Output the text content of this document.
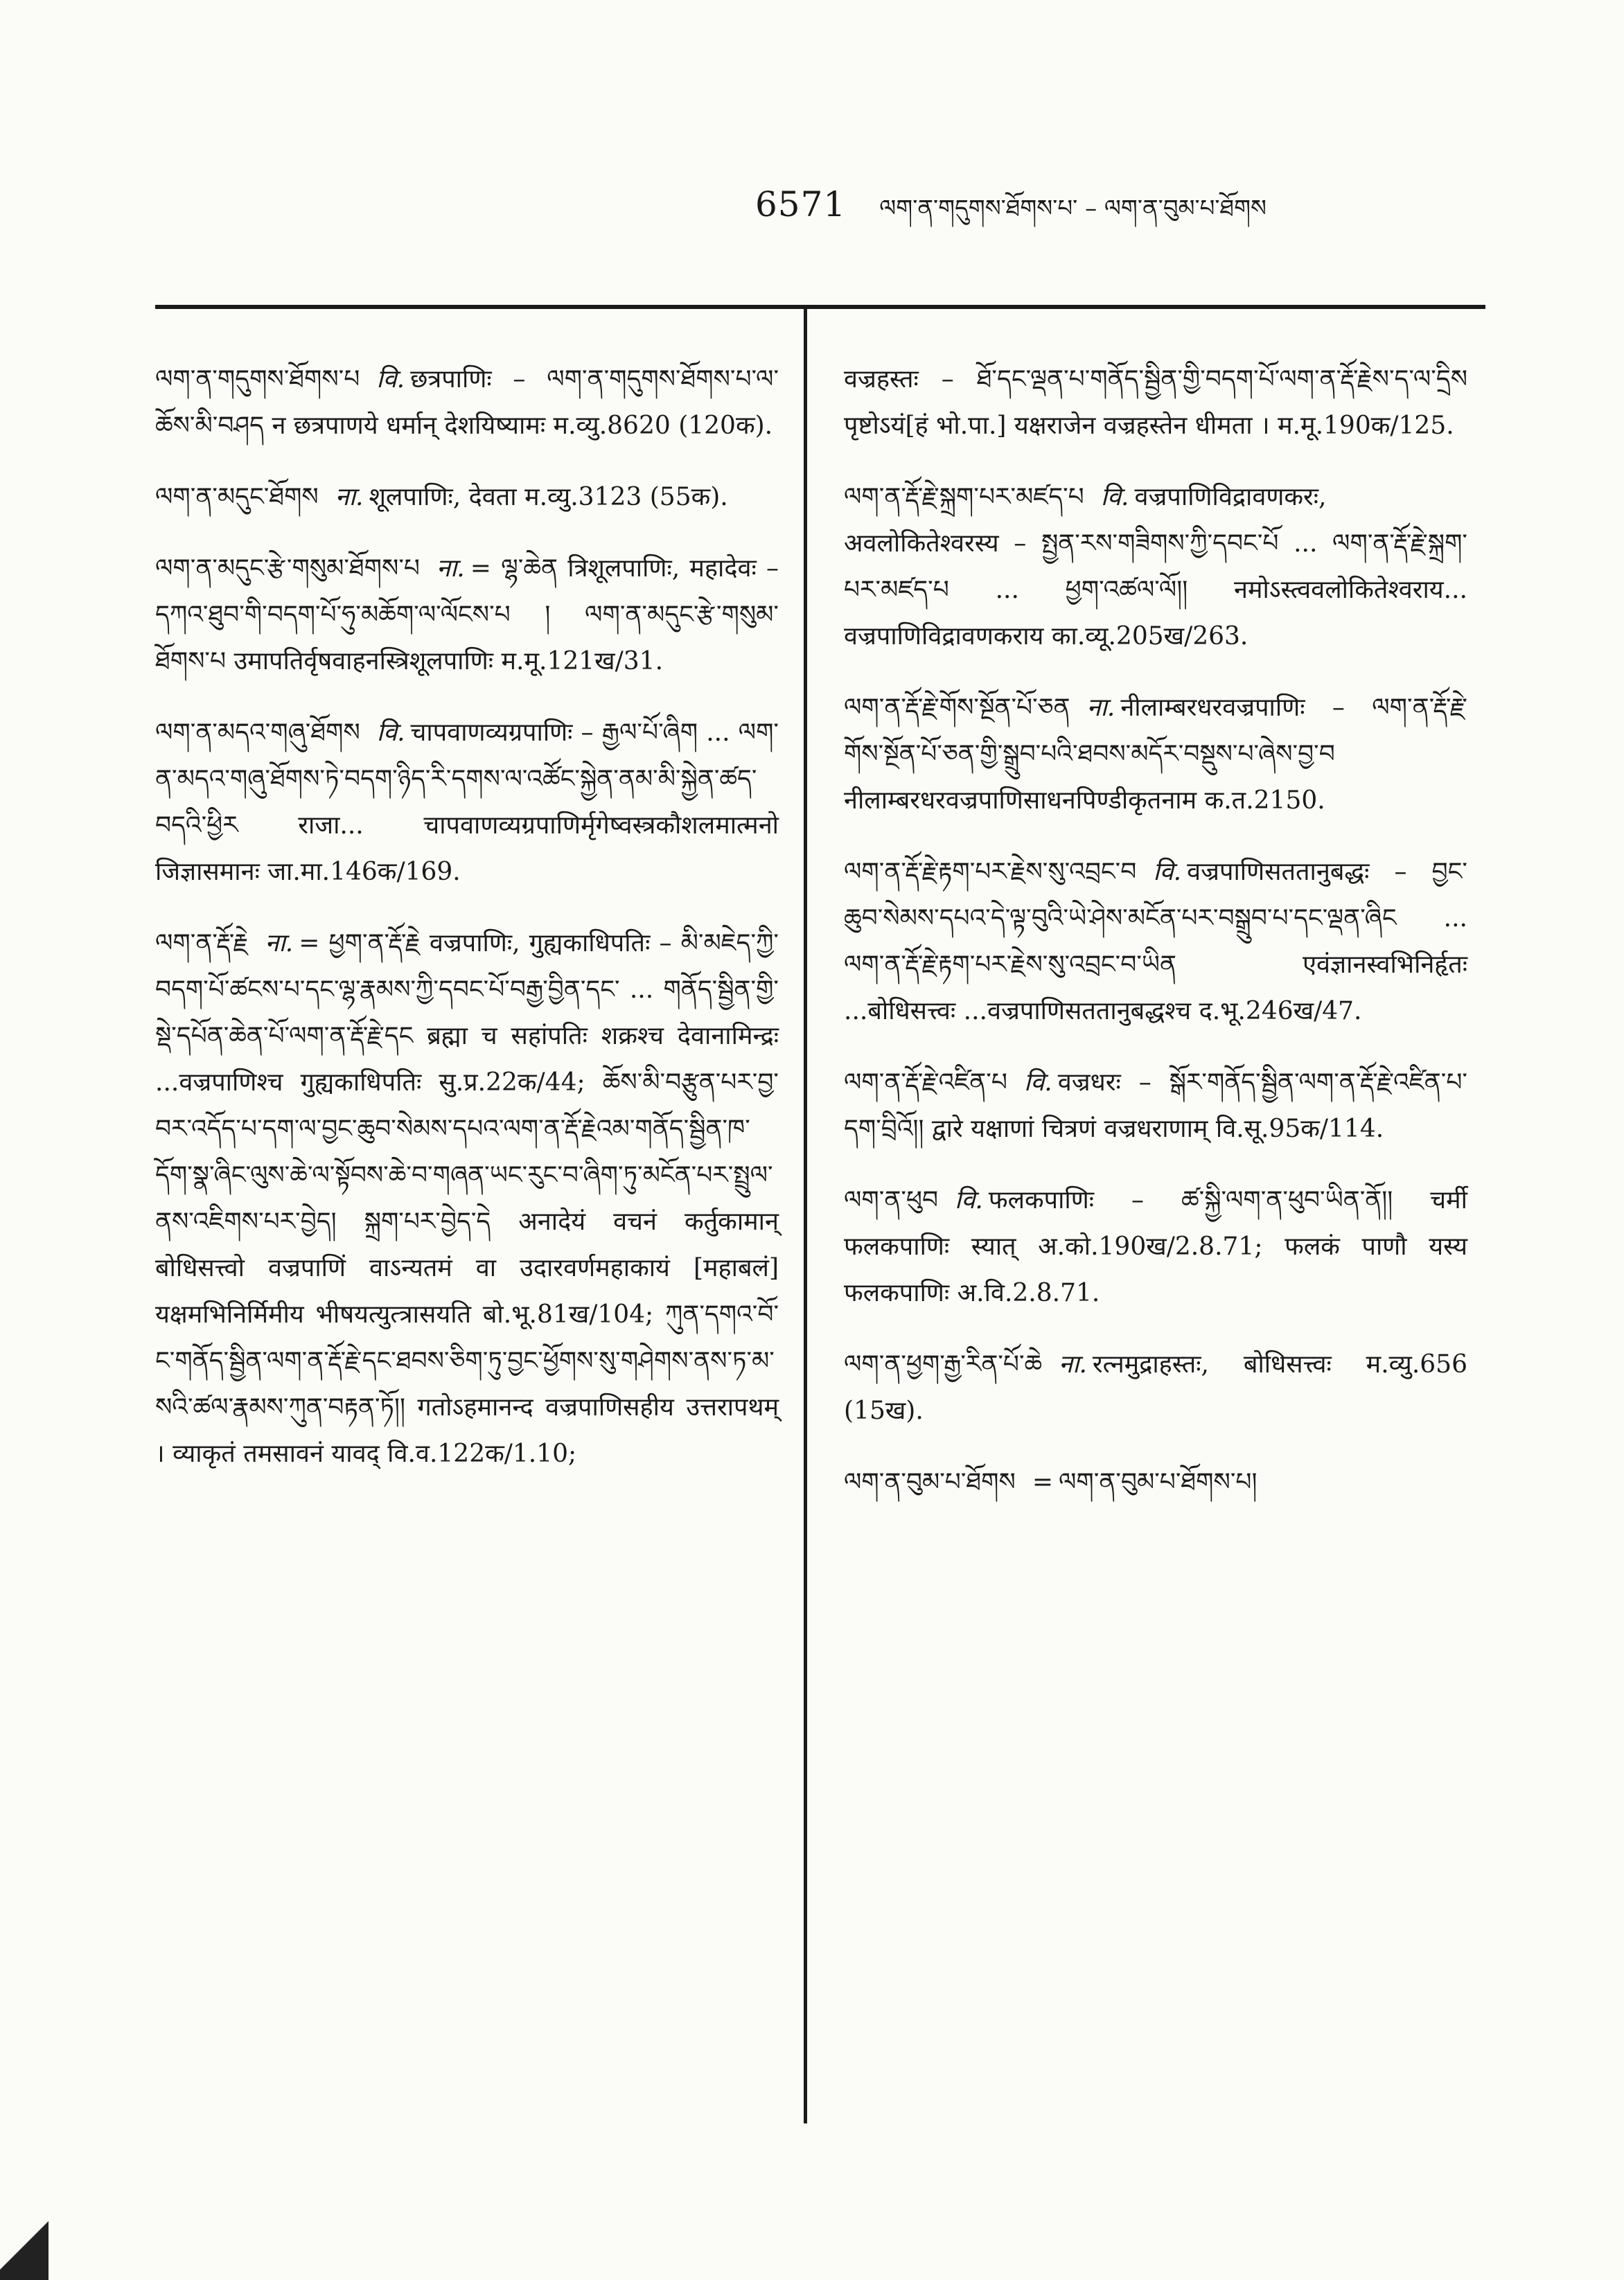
6571 ལག་ན་གདུགས་ཐོགས་པ་ – ལག་ན་བུམ་པ་ཐོགས

ལག་ན་གདུགས་ཐོགས་པ वि. छत्रपाणिः – ལག་ན་གདུགས་ཐོགས་པ་ལ་ཆོས་མི་བཤད न छत्रपाणये धर्मान् देशयिष्यामः म.व्यु.8620 (120क).

ལག་ན་མདུང་ཐོགས ना. शूलपाणिः, देवता म.व्यु.3123 (55क).

ལག་ན་མདུང་རྩེ་གསུམ་ཐོགས་པ ना. = ལྷ་ཆེན त्रिशूलपाणिः, महादेवः – དཀའ་ཐུབ་གི་བདག་པོ་ཧུ་མཆོག་ལ་ལོངས་པ ། ལག་ན་མདུང་རྩེ་གསུམ་ཐོགས་པ उमापतिर्वृषवाहनस्त्रिशूलपाणिः म.मू.121ख/31.

ལག་ན་མདའ་གཞུ་ཐོགས वि. चापवाणव्यग्रपाणिः – རྒྱལ་པོ་ཞིག ... ལག་ན་མདའ་གཞུ་ཐོགས་ཏེ་བདག་ཉིད་རི་དགས་ལ་འཚོང་སྐྱེན་ནམ་མི་སྐྱེན་ཚད་བདའི་ཕྱིར राजा... चापवाणव्यग्रपाणिर्मृगेष्वस्त्रकौशलमात्मनो जिज्ञासमानः जा.मा.146क/169.

ལག་ན་རྡོ་རྗེ ना. = ཕྱག་ན་རྡོ་རྗེ वज्रपाणिः, गुह्यकाधिपतिः – མི་མཇེད་ཀྱི་བདག་པོ་ཚངས་པ་དང་ལྷ་རྣམས་ཀྱི་དབང་པོ་བརྒྱ་བྱིན་དང་ ... གནོད་སྦྱིན་གྱི་སྡེ་དཔོན་ཆེན་པོ་ལག་ན་རྡོ་རྗེ་དང ब्रह्मा च सहांपतिः शक्रश्च देवानामिन्द्रः ...वज्रपाणिश्च गुह्यकाधिपतिः सु.प्र.22क/44; ཆོས་མི་བརྩུན་པར་བྱ་བར་འདོད་པ་དག་ལ་བྱང་ཆུབ་སེམས་དཔའ་ལག་ན་རྡོ་རྗེའམ་གནོད་སྦྱིན་ཁ་དོག་སྣ་ཞིང་ལུས་ཆེ་ལ་སྟོབས་ཆེ་བ་གཞན་ཡང་རུང་བ་ཞིག་ཏུ་མངོན་པར་སྤྲུལ་ནས་འཇིགས་པར་བྱེད། སྐྲག་པར་བྱེད་དེ अनादेयं वचनं कर्तुकामान् बोधिसत्त्वो वज्रपाणिं वाऽन्यतमं वा उदारवर्णमहाकायं [महाबलं] यक्षमभिनिर्मिमीय भीषयत्युत्त्रासयति बो.भू.81ख/104; ཀུན་དགའ་བོ་ང་གནོད་སྦྱིན་ལག་ན་རྡོ་རྗེ་དང་ཐབས་ཅིག་ཏུ་བྱང་ཕྱོགས་སུ་གཤེགས་ནས་ཏ་མ་སའི་ཚལ་རྣམས་ཀུན་བརྟན་ཏོ།། गतोऽहमानन्द वज्रपाणिसहीय उत्तरापथम् । व्याकृतं तमसावनं यावद् वि.व.122क/1.10;

वज्रहस्तः – ཐོ་དང་ལྡན་པ་གནོད་སྦྱིན་གྱི་བདག་པོ་ལག་ན་རྡོ་རྗེས་ད་ལ་དྲིས पृष्टोऽयं[हं भो.पा.] यक्षराजेन वज्रहस्तेन धीमता । म.मू.190क/125.

ལག་ན་རྡོ་རྗེ་སྐྲག་པར་མཛད་པ वि. वज्रपाणिविद्रावणकरः, अवलोकितेश्वरस्य – སྤྱན་རས་གཟིགས་ཀྱི་དབང་པོ ... ལག་ན་རྡོ་རྗེ་སྐྲག་པར་མཛད་པ ... ཕྱག་འཚལ་ལོ།། नमोऽस्त्ववलोकितेश्वराय... वज्रपाणिविद्रावणकराय का.व्यू.205ख/263.

ལག་ན་རྡོ་རྗེ་གོས་སྔོན་པོ་ཅན ना. नीलाम्बरधरवज्रपाणिः – ལག་ན་རྡོ་རྗེ་གོས་སྔོན་པོ་ཅན་གྱི་སྒྲུབ་པའི་ཐབས་མདོར་བསྡུས་པ་ཞེས་བྱ་བ नीलाम्बरधरवज्रपाणिसाधनपिण्डीकृतनाम क.त.2150.

ལག་ན་རྡོ་རྗེ་རྟག་པར་རྗེས་སུ་འབྲང་བ वि. वज्रपाणिसततानुबद्धः – བྱང་ཆུབ་སེམས་དཔའ་དེ་ལྟ་བུའི་ཡེ་ཤེས་མངོན་པར་བསྒྲུབ་པ་དང་ལྡན་ཞིང ... ལག་ན་རྡོ་རྗེ་རྟག་པར་རྗེས་སུ་འབྲང་བ་ཡིན एवंज्ञानस्वभिनिर्हृतः ...बोधिसत्त्वः ...वज्रपाणिसततानुबद्धश्च द.भू.246ख/47.

ལག་ན་རྡོ་རྗེ་འཛིན་པ वि. वज्रधरः – སྒོར་གནོད་སྦྱིན་ལག་ན་རྡོ་རྗེ་འཛིན་པ་དག་བྲིའོ།། द्वारे यक्षाणां चित्रणं वज्रधराणाम् वि.सू.95क/114.

ལག་ན་ཕུབ वि. फलकपाणिः – ཚ་སྐྱི་ལག་ན་ཕུབ་ཡིན་ནོ།། चर्मी फलकपाणिः स्यात् अ.को.190ख/2.8.71; फलकं पाणौ यस्य फलकपाणिः अ.वि.2.8.71.

ལག་ན་ཕྱག་རྒྱ་རིན་པོ་ཆེ ना. रत्नमुद्राहस्तः, बोधिसत्त्वः म.व्यु.656 (15ख).

ལག་ན་བུམ་པ་ཐོགས = ལག་ན་བུམ་པ་ཐོགས་པ།
